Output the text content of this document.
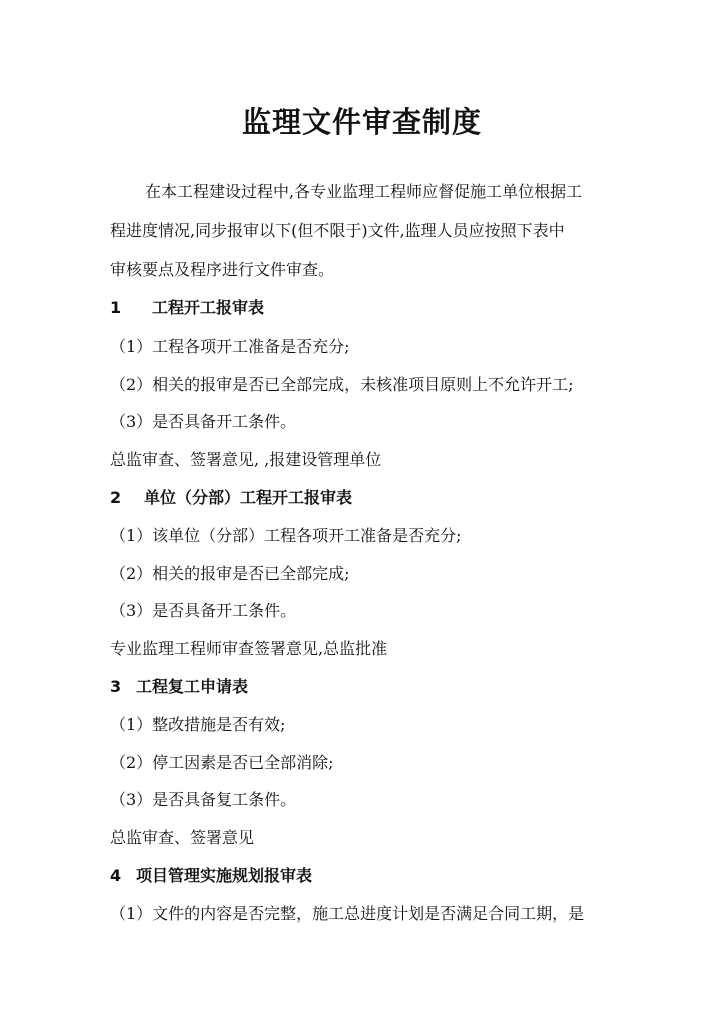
监理文件审查制度
在本工程建设过程中,各专业监理工程师应督促施工单位根据工
程进度情况,同步报审以下(但不限于)文件,监理人员应按照下表中
审核要点及程序进行文件审查。
1 工程开工报审表
（1）工程各项开工准备是否充分;
（2）相关的报审是否已全部完成，未核准项目原则上不允许开工;
（3）是否具备开工条件。
总监审查、签署意见, ,报建设管理单位
2 单位（分部）工程开工报审表
（1）该单位（分部）工程各项开工准备是否充分;
（2）相关的报审是否已全部完成;
（3）是否具备开工条件。
专业监理工程师审查签署意见,总监批准
3 工程复工申请表
（1）整改措施是否有效;
（2）停工因素是否已全部消除;
（3）是否具备复工条件。
总监审查、签署意见
4 项目管理实施规划报审表
（1）文件的内容是否完整，施工总进度计划是否满足合同工期，是
